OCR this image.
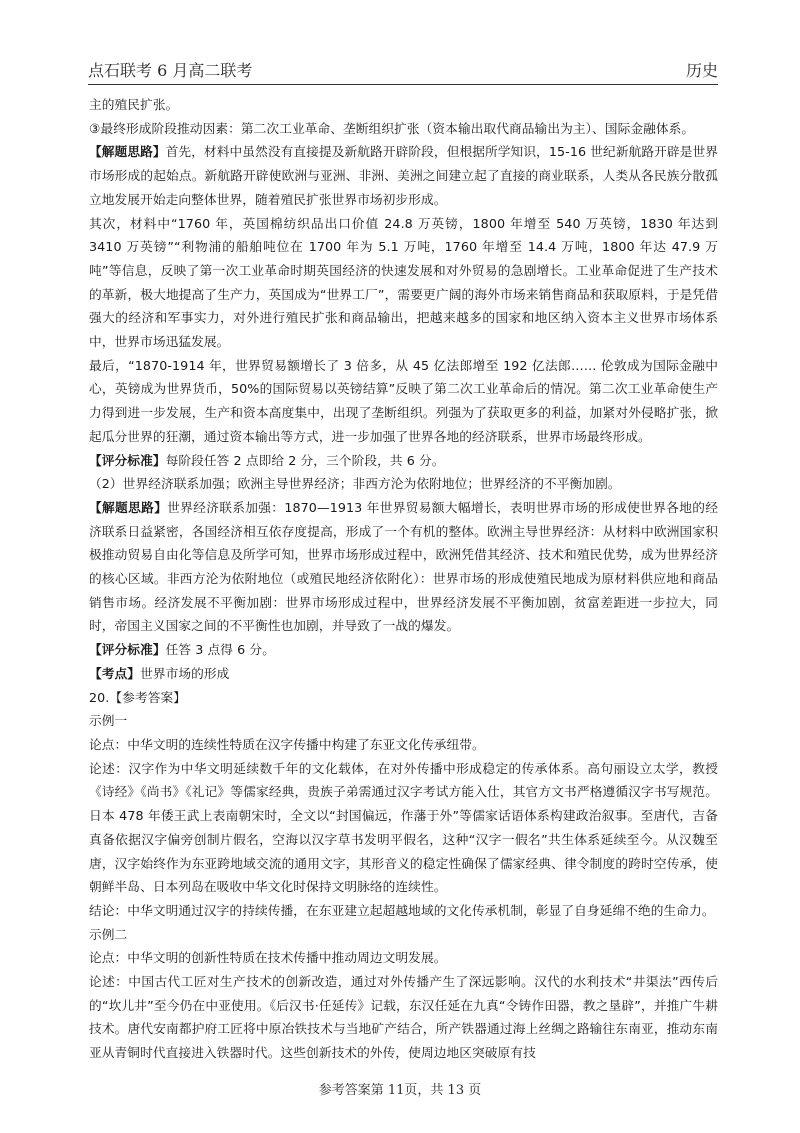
点石联考 6 月高二联考	历史

主的殖民扩张。

③最终形成阶段推动因素：第二次工业革命、垄断组织扩张（资本输出取代商品输出为主）、国际金融体系。

【解题思路】首先，材料中虽然没有直接提及新航路开辟阶段，但根据所学知识，15-16 世纪新航路开辟是世界市场形成的起始点。新航路开辟使欧洲与亚洲、非洲、美洲之间建立起了直接的商业联系，人类从各民族分散孤立地发展开始走向整体世界，随着殖民扩张世界市场初步形成。

其次，材料中“1760 年，英国棉纺织品出口价值 24.8 万英镑，1800 年增至 540 万英镑，1830 年达到 3410 万英镑”“利物浦的船舶吨位在 1700 年为 5.1 万吨，1760 年增至 14.4 万吨，1800 年达 47.9 万吨”等信息，反映了第一次工业革命时期英国经济的快速发展和对外贸易的急剧增长。工业革命促进了生产技术的革新，极大地提高了生产力，英国成为“世界工厂”，需要更广阔的海外市场来销售商品和获取原料，于是凭借强大的经济和军事实力，对外进行殖民扩张和商品输出，把越来越多的国家和地区纳入资本主义世界市场体系中，世界市场迅猛发展。

最后，“1870-1914 年，世界贸易额增长了 3 倍多，从 45 亿法郎增至 192 亿法郎…… 伦敦成为国际金融中心，英镑成为世界货币，50%的国际贸易以英镑结算”反映了第二次工业革命后的情况。第二次工业革命使生产力得到进一步发展，生产和资本高度集中，出现了垄断组织。列强为了获取更多的利益，加紧对外侵略扩张，掀起瓜分世界的狂潮，通过资本输出等方式，进一步加强了世界各地的经济联系，世界市场最终形成。

【评分标准】每阶段任答 2 点即给 2 分，三个阶段，共 6 分。

（2）世界经济联系加强；欧洲主导世界经济；非西方沦为依附地位；世界经济的不平衡加剧。

【解题思路】世界经济联系加强：1870—1913 年世界贸易额大幅增长，表明世界市场的形成使世界各地的经济联系日益紧密，各国经济相互依存度提高，形成了一个有机的整体。欧洲主导世界经济：从材料中欧洲国家积极推动贸易自由化等信息及所学可知，世界市场形成过程中，欧洲凭借其经济、技术和殖民优势，成为世界经济的核心区域。非西方沦为依附地位（或殖民地经济依附化）：世界市场的形成使殖民地成为原材料供应地和商品销售市场。经济发展不平衡加剧：世界市场形成过程中，世界经济发展不平衡加剧，贫富差距进一步拉大，同时，帝国主义国家之间的不平衡性也加剧，并导致了一战的爆发。

【评分标准】任答 3 点得 6 分。

【考点】世界市场的形成

20.【参考答案】

示例一

论点：中华文明的连续性特质在汉字传播中构建了东亚文化传承纽带。

论述：汉字作为中华文明延续数千年的文化载体，在对外传播中形成稳定的传承体系。高句丽设立太学，教授《诗经》《尚书》《礼记》等儒家经典，贵族子弟需通过汉字考试方能入仕，其官方文书严格遵循汉字书写规范。日本 478 年倭王武上表南朝宋时，全文以“封国偏远，作藩于外”等儒家话语体系构建政治叙事。至唐代，吉备真备依据汉字偏旁创制片假名，空海以汉字草书发明平假名，这种“汉字一假名”共生体系延续至今。从汉魏至唐，汉字始终作为东亚跨地域交流的通用文字，其形音义的稳定性确保了儒家经典、律令制度的跨时空传承，使朝鲜半岛、日本列岛在吸收中华文化时保持文明脉络的连续性。

结论：中华文明通过汉字的持续传播，在东亚建立起超越地域的文化传承机制，彰显了自身延绵不绝的生命力。

示例二

论点：中华文明的创新性特质在技术传播中推动周边文明发展。

论述：中国古代工匠对生产技术的创新改造，通过对外传播产生了深远影响。汉代的水利技术“井渠法”西传后的“坎儿井”至今仍在中亚使用。《后汉书·任延传》记载，东汉任延在九真“令铸作田器，教之垦辟”，并推广牛耕技术。唐代安南都护府工匠将中原冶铁技术与当地矿产结合，所产铁器通过海上丝绸之路输往东南亚，推动东南亚从青铜时代直接进入铁器时代。这些创新技术的外传，使周边地区突破原有技

参考答案第 11页，共 13 页
